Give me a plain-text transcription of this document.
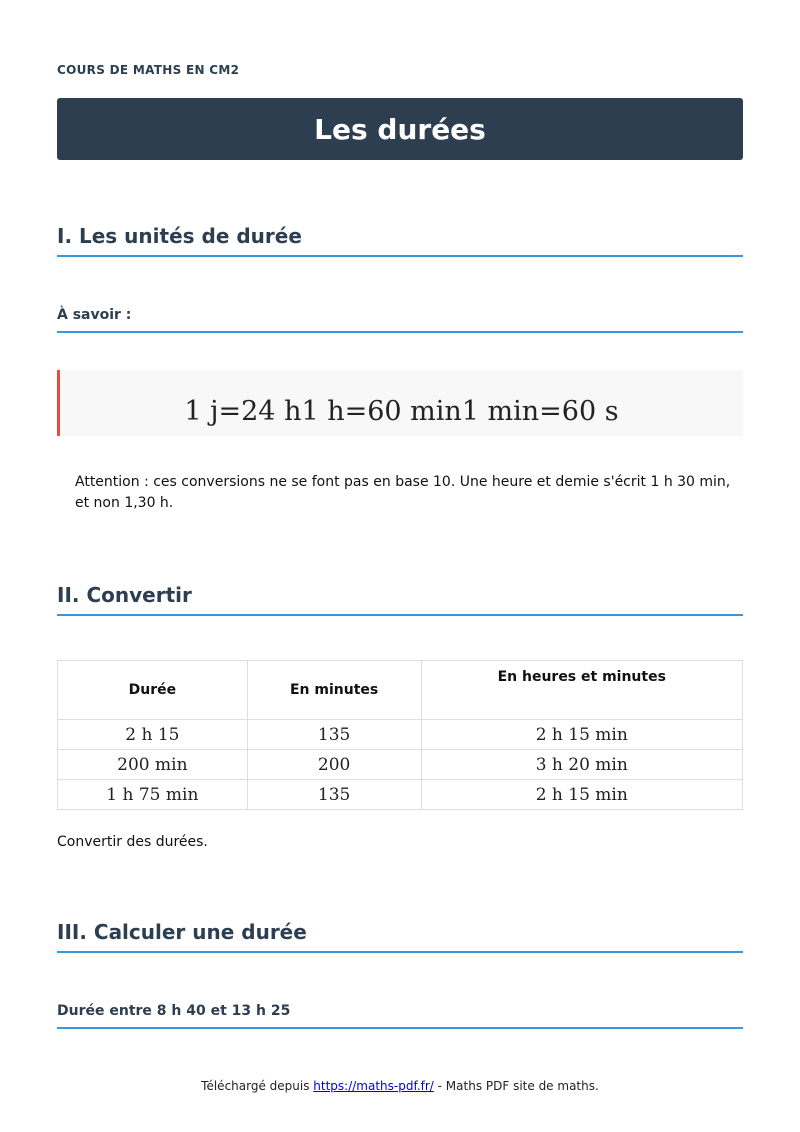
COURS DE MATHS EN CM2
Les durées
I. Les unités de durée
À savoir :
1 j=24 h1 h=60 min1 min=60 s

Attention : ces conversions ne se font pas en base 10. Une heure et demie s'écrit 1 h 30 min, et non 1,30 h.

II. Convertir
Durée	En minutes	En heures et minutes
2 h 15	135	2 h 15 min
200 min	200	3 h 20 min
1 h 75 min	135	2 h 15 min
Convertir des durées.
III. Calculer une durée
Durée entre 8 h 40 et 13 h 25
Téléchargé depuis https://maths-pdf.fr/ - Maths PDF site de maths.
